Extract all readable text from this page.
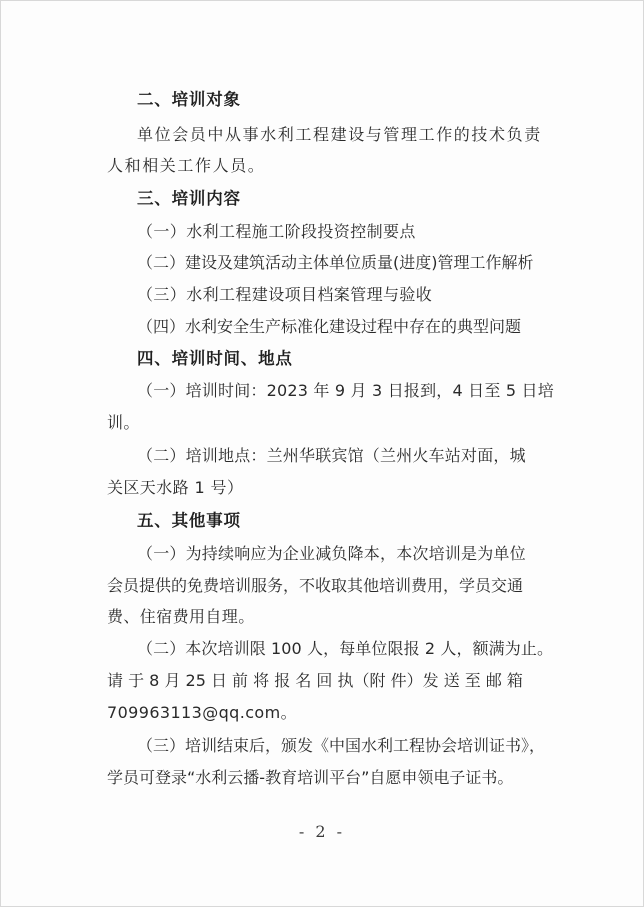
二、培训对象
单位会员中从事水利工程建设与管理工作的技术负责
人和相关工作人员。
三、培训内容
（一）水利工程施工阶段投资控制要点
（二）建设及建筑活动主体单位质量(进度)管理工作解析
（三）水利工程建设项目档案管理与验收
（四）水利安全生产标准化建设过程中存在的典型问题
四、培训时间、地点
（一）培训时间：2023 年 9 月 3 日报到，4 日至 5 日培
训。
（二）培训地点：兰州华联宾馆（兰州火车站对面，城
关区天水路 1 号）
五、其他事项
（一）为持续响应为企业减负降本，本次培训是为单位
会员提供的免费培训服务，不收取其他培训费用，学员交通
费、住宿费用自理。
（二）本次培训限 100 人，每单位限报 2 人，额满为止。
请 于 8 月 25 日 前 将 报 名 回 执（附 件）发 送 至 邮 箱
709963113@qq.com。
（三）培训结束后，颁发《中国水利工程协会培训证书》，
学员可登录“水利云播-教育培训平台”自愿申领电子证书。
- 2 -
